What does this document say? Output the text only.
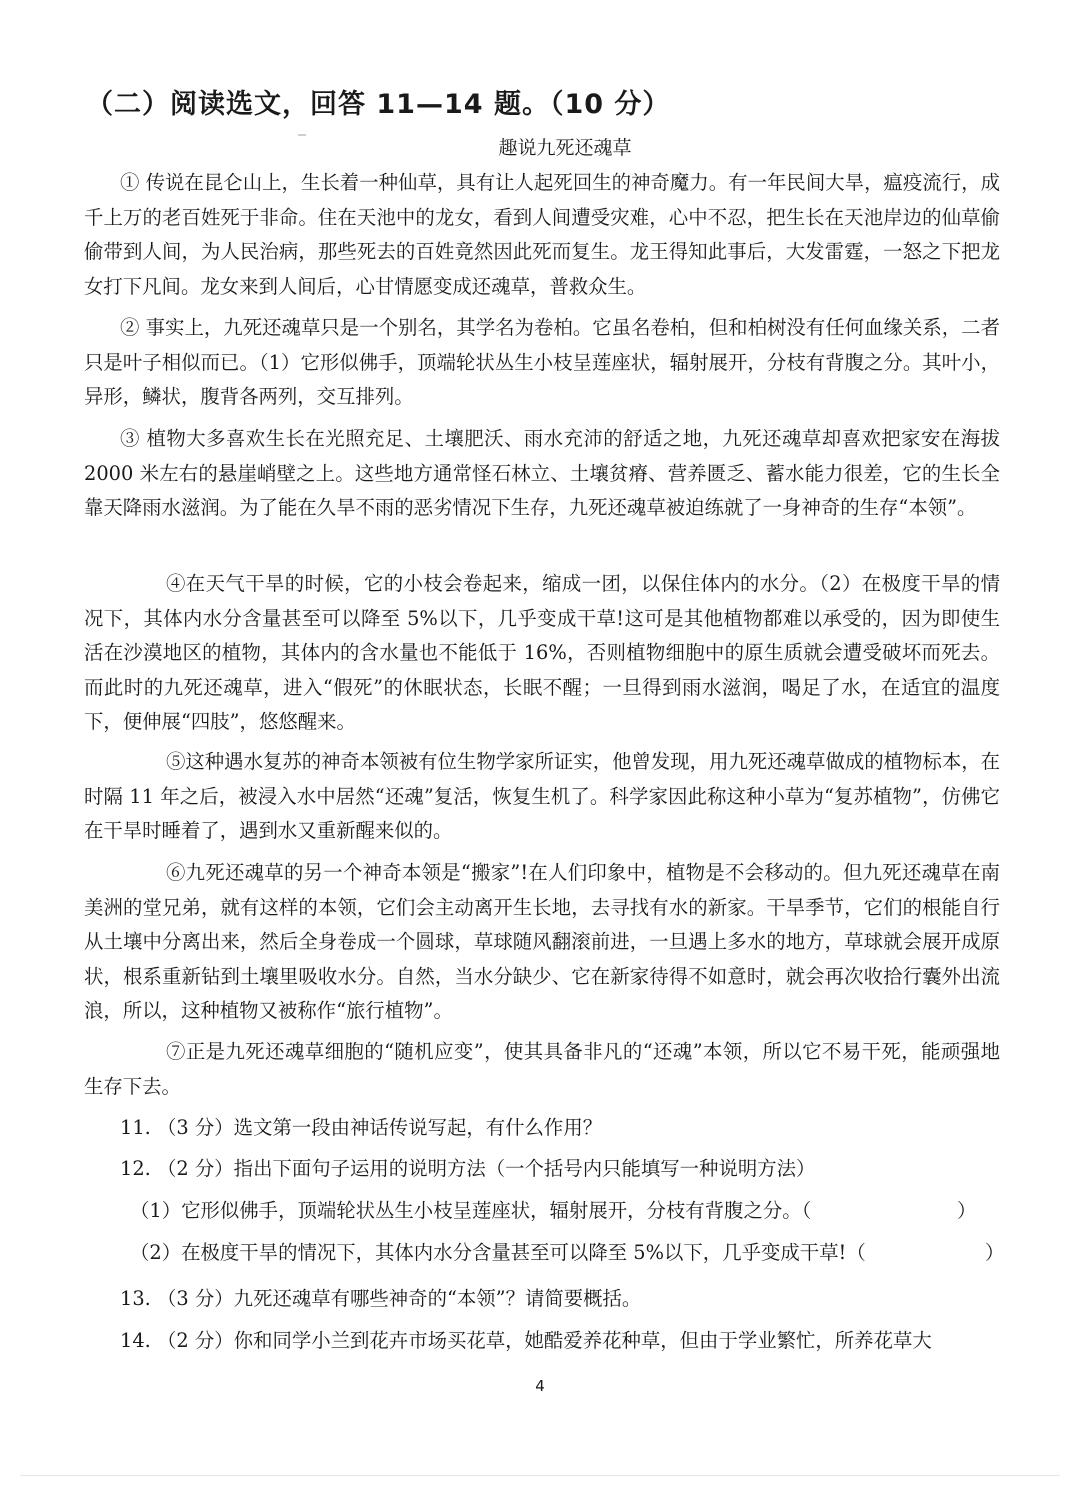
（二）阅读选文，回答 11—14 题。（10 分）
趣说九死还魂草

① 传说在昆仑山上，生长着一种仙草，具有让人起死回生的神奇魔力。有一年民间大旱，瘟疫流行，成千上万的老百姓死于非命。住在天池中的龙女，看到人间遭受灾难，心中不忍，把生长在天池岸边的仙草偷偷带到人间，为人民治病，那些死去的百姓竟然因此死而复生。龙王得知此事后，大发雷霆，一怒之下把龙女打下凡间。龙女来到人间后，心甘情愿变成还魂草，普救众生。

② 事实上，九死还魂草只是一个别名，其学名为卷柏。它虽名卷柏，但和柏树没有任何血缘关系，二者只是叶子相似而已。（1）它形似佛手，顶端轮状丛生小枝呈莲座状，辐射展开，分枝有背腹之分。其叶小，异形，鳞状，腹背各两列，交互排列。

③ 植物大多喜欢生长在光照充足、土壤肥沃、雨水充沛的舒适之地，九死还魂草却喜欢把家安在海拔 2000 米左右的悬崖峭壁之上。这些地方通常怪石林立、土壤贫瘠、营养匮乏、蓄水能力很差，它的生长全靠天降雨水滋润。为了能在久旱不雨的恶劣情况下生存，九死还魂草被迫练就了一身神奇的生存“本领”。

④在天气干旱的时候，它的小枝会卷起来，缩成一团，以保住体内的水分。（2）在极度干旱的情况下，其体内水分含量甚至可以降至 5%以下，几乎变成干草!这可是其他植物都难以承受的，因为即使生活在沙漠地区的植物，其体内的含水量也不能低于 16%，否则植物细胞中的原生质就会遭受破坏而死去。而此时的九死还魂草，进入“假死”的休眠状态，长眠不醒；一旦得到雨水滋润，喝足了水，在适宜的温度下，便伸展“四肢”，悠悠醒来。

⑤这种遇水复苏的神奇本领被有位生物学家所证实，他曾发现，用九死还魂草做成的植物标本，在时隔 11 年之后，被浸入水中居然“还魂”复活，恢复生机了。科学家因此称这种小草为“复苏植物”，仿佛它在干旱时睡着了，遇到水又重新醒来似的。

⑥九死还魂草的另一个神奇本领是“搬家”!在人们印象中，植物是不会移动的。但九死还魂草在南美洲的堂兄弟，就有这样的本领，它们会主动离开生长地，去寻找有水的新家。干旱季节，它们的根能自行从土壤中分离出来，然后全身卷成一个圆球，草球随风翻滚前进，一旦遇上多水的地方，草球就会展开成原状，根系重新钻到土壤里吸收水分。自然，当水分缺少、它在新家待得不如意时，就会再次收拾行囊外出流浪，所以，这种植物又被称作“旅行植物”。

⑦正是九死还魂草细胞的“随机应变”，使其具备非凡的“还魂”本领，所以它不易干死，能顽强地生存下去。

11. （3 分）选文第一段由神话传说写起，有什么作用？
12. （2 分）指出下面句子运用的说明方法（一个括号内只能填写一种说明方法）
（1）它形似佛手，顶端轮状丛生小枝呈莲座状，辐射展开，分枝有背腹之分。（	）
（2）在极度干旱的情况下，其体内水分含量甚至可以降至 5%以下，几乎变成干草!（	）
13. （3 分）九死还魂草有哪些神奇的“本领”？请简要概括。
14. （2 分）你和同学小兰到花卉市场买花草，她酷爱养花种草，但由于学业繁忙，所养花草大
4
